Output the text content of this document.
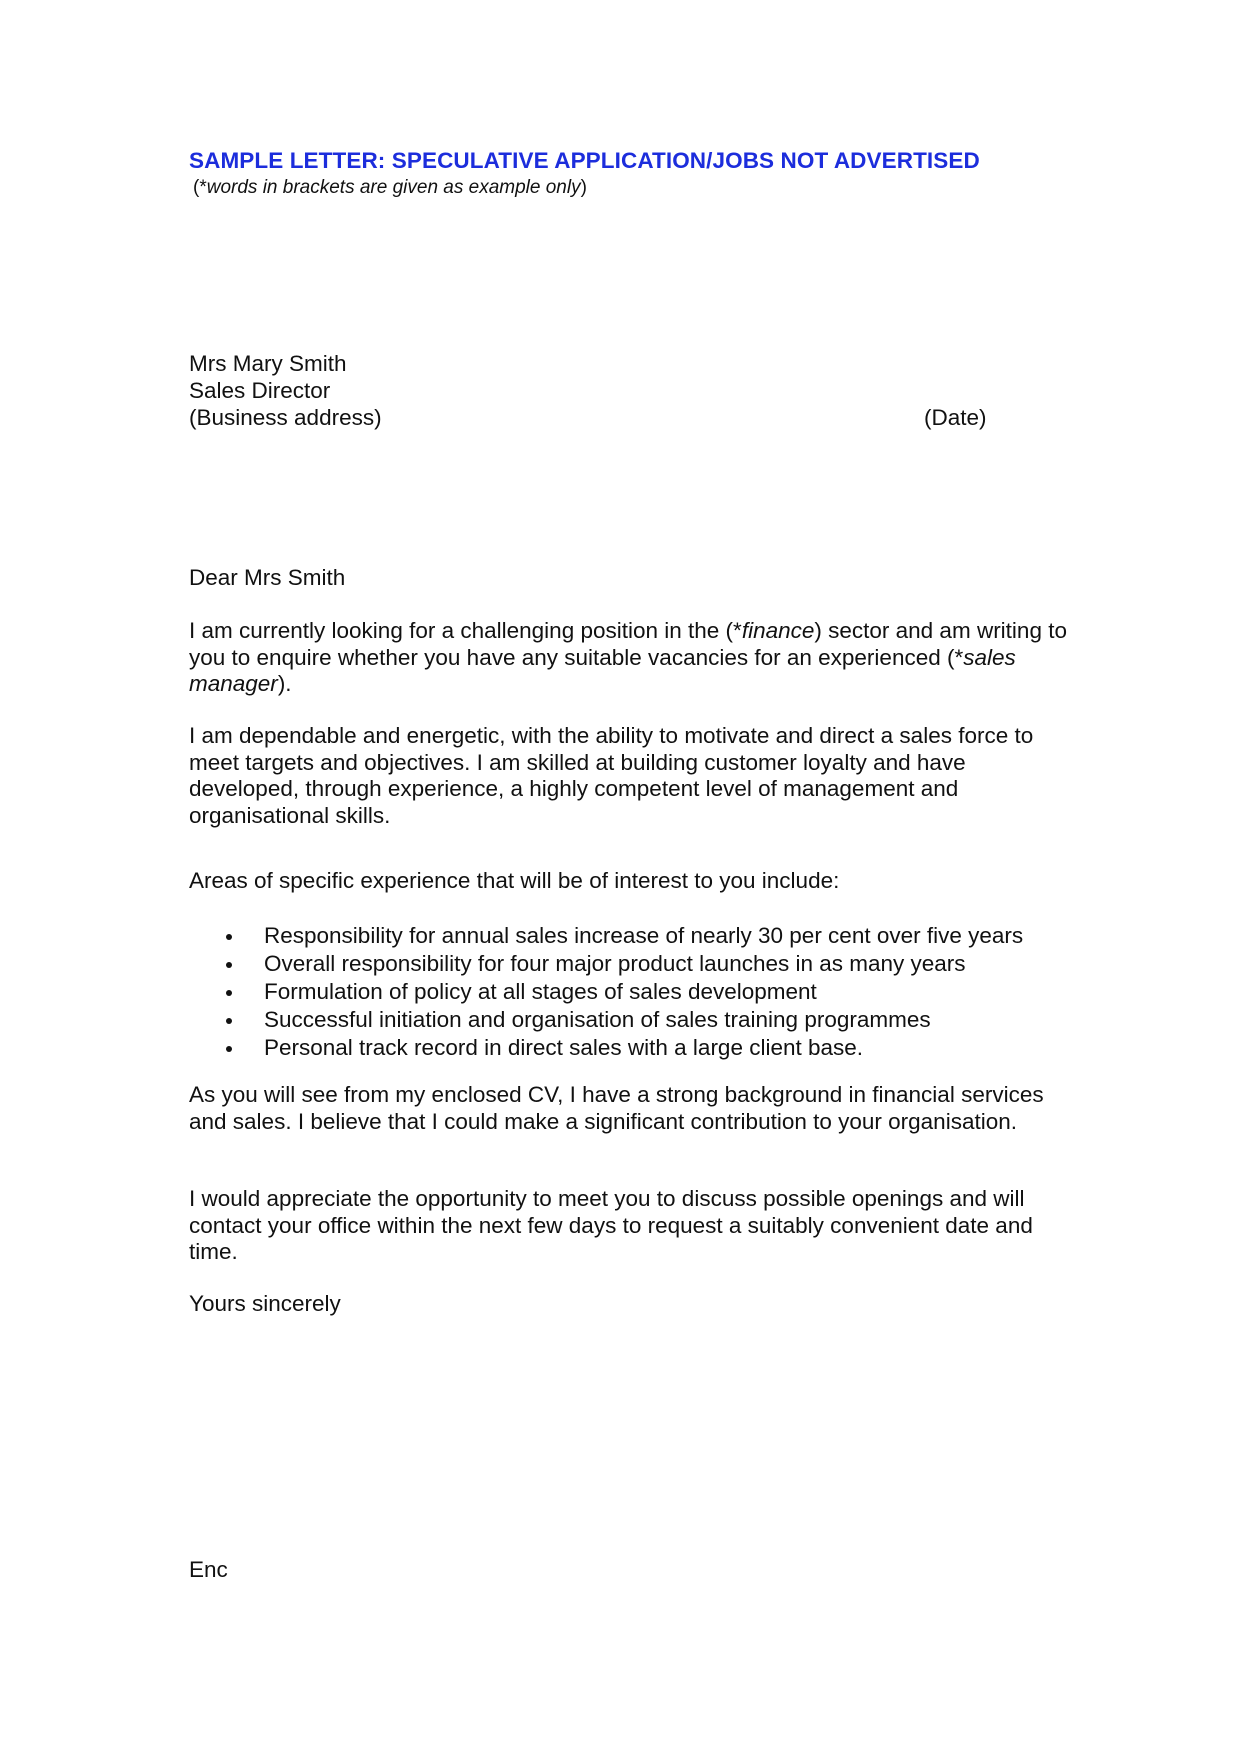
SAMPLE LETTER: SPECULATIVE APPLICATION/JOBS NOT ADVERTISED
(*words in brackets are given as example only)
Mrs Mary Smith
Sales Director
(Business address)	(Date)
Dear Mrs Smith

I am currently looking for a challenging position in the (*finance) sector and am writing to you to enquire whether you have any suitable vacancies for an experienced (*sales manager).

I am dependable and energetic, with the ability to motivate and direct a sales force to meet targets and objectives. I am skilled at building customer loyalty and have developed, through experience, a highly competent level of management and organisational skills.

Areas of specific experience that will be of interest to you include:
Responsibility for annual sales increase of nearly 30 per cent over five years
Overall responsibility for four major product launches in as many years
Formulation of policy at all stages of sales development
Successful initiation and organisation of sales training programmes
Personal track record in direct sales with a large client base.

As you will see from my enclosed CV, I have a strong background in financial services and sales. I believe that I could make a significant contribution to your organisation.

I would appreciate the opportunity to meet you to discuss possible openings and will contact your office within the next few days to request a suitably convenient date and time.

Yours sincerely
Enc
